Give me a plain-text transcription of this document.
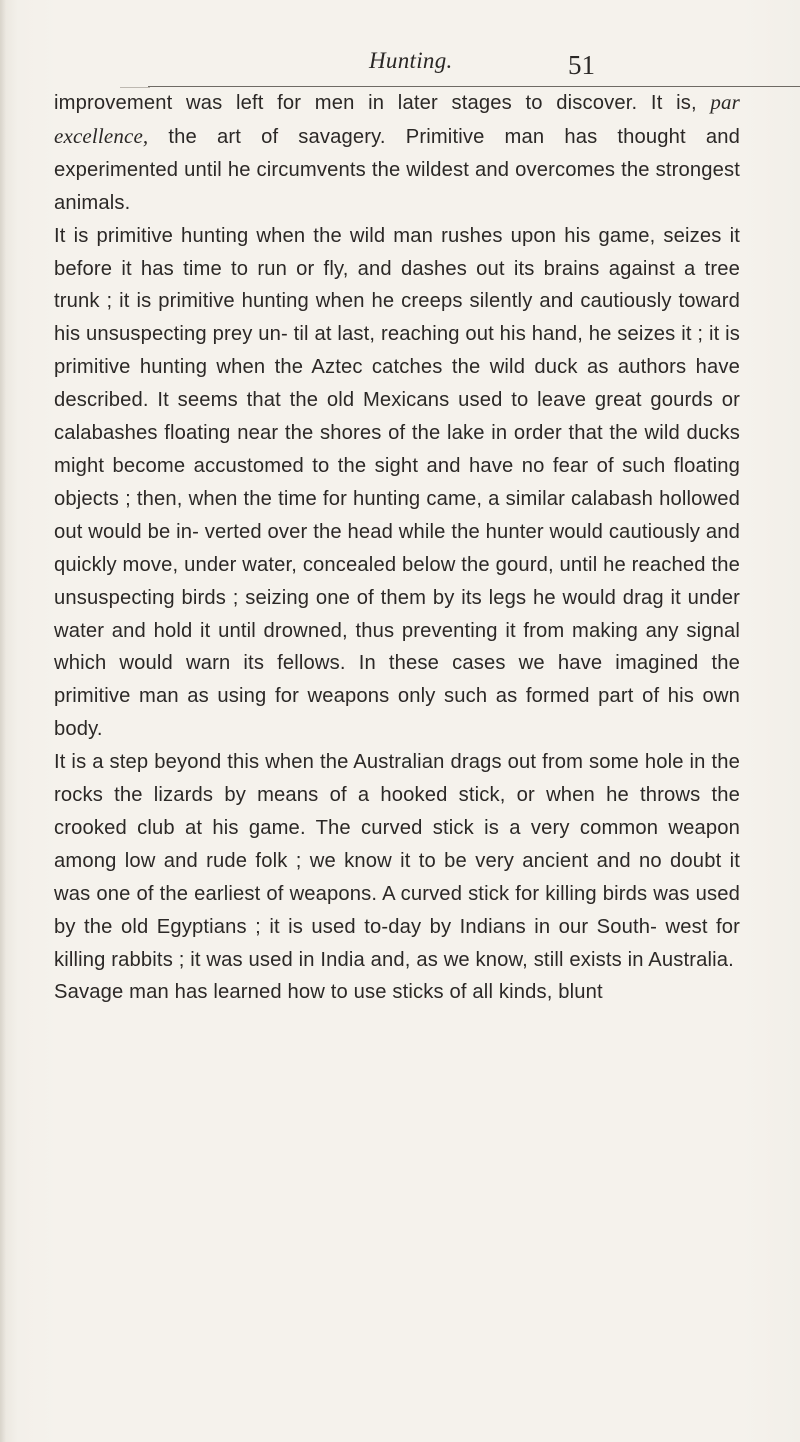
Hunting.	51

improvement was left for men in later stages to discover. It is, par excellence, the art of savagery. Primitive man has thought and experimented until he circumvents the wildest and overcomes the strongest animals.

It is primitive hunting when the wild man rushes upon his game, seizes it before it has time to run or fly, and dashes out its brains against a tree trunk ; it is primitive hunting when he creeps silently and cautiously toward his unsuspecting prey un- til at last, reaching out his hand, he seizes it ; it is primitive hunting when the Aztec catches the wild duck as authors have described. It seems that the old Mexicans used to leave great gourds or calabashes floating near the shores of the lake in order that the wild ducks might become accustomed to the sight and have no fear of such floating objects ; then, when the time for hunting came, a similar calabash hollowed out would be in- verted over the head while the hunter would cautiously and quickly move, under water, concealed below the gourd, until he reached the unsuspecting birds ; seizing one of them by its legs he would drag it under water and hold it until drowned, thus preventing it from making any signal which would warn its fellows. In these cases we have imagined the primitive man as using for weapons only such as formed part of his own body.

It is a step beyond this when the Australian drags out from some hole in the rocks the lizards by means of a hooked stick, or when he throws the crooked club at his game. The curved stick is a very common weapon among low and rude folk ; we know it to be very ancient and no doubt it was one of the earliest of weapons. A curved stick for killing birds was used by the old Egyptians ; it is used to-day by Indians in our South- west for killing rabbits ; it was used in India and, as we know, still exists in Australia.

Savage man has learned how to use sticks of all kinds, blunt
